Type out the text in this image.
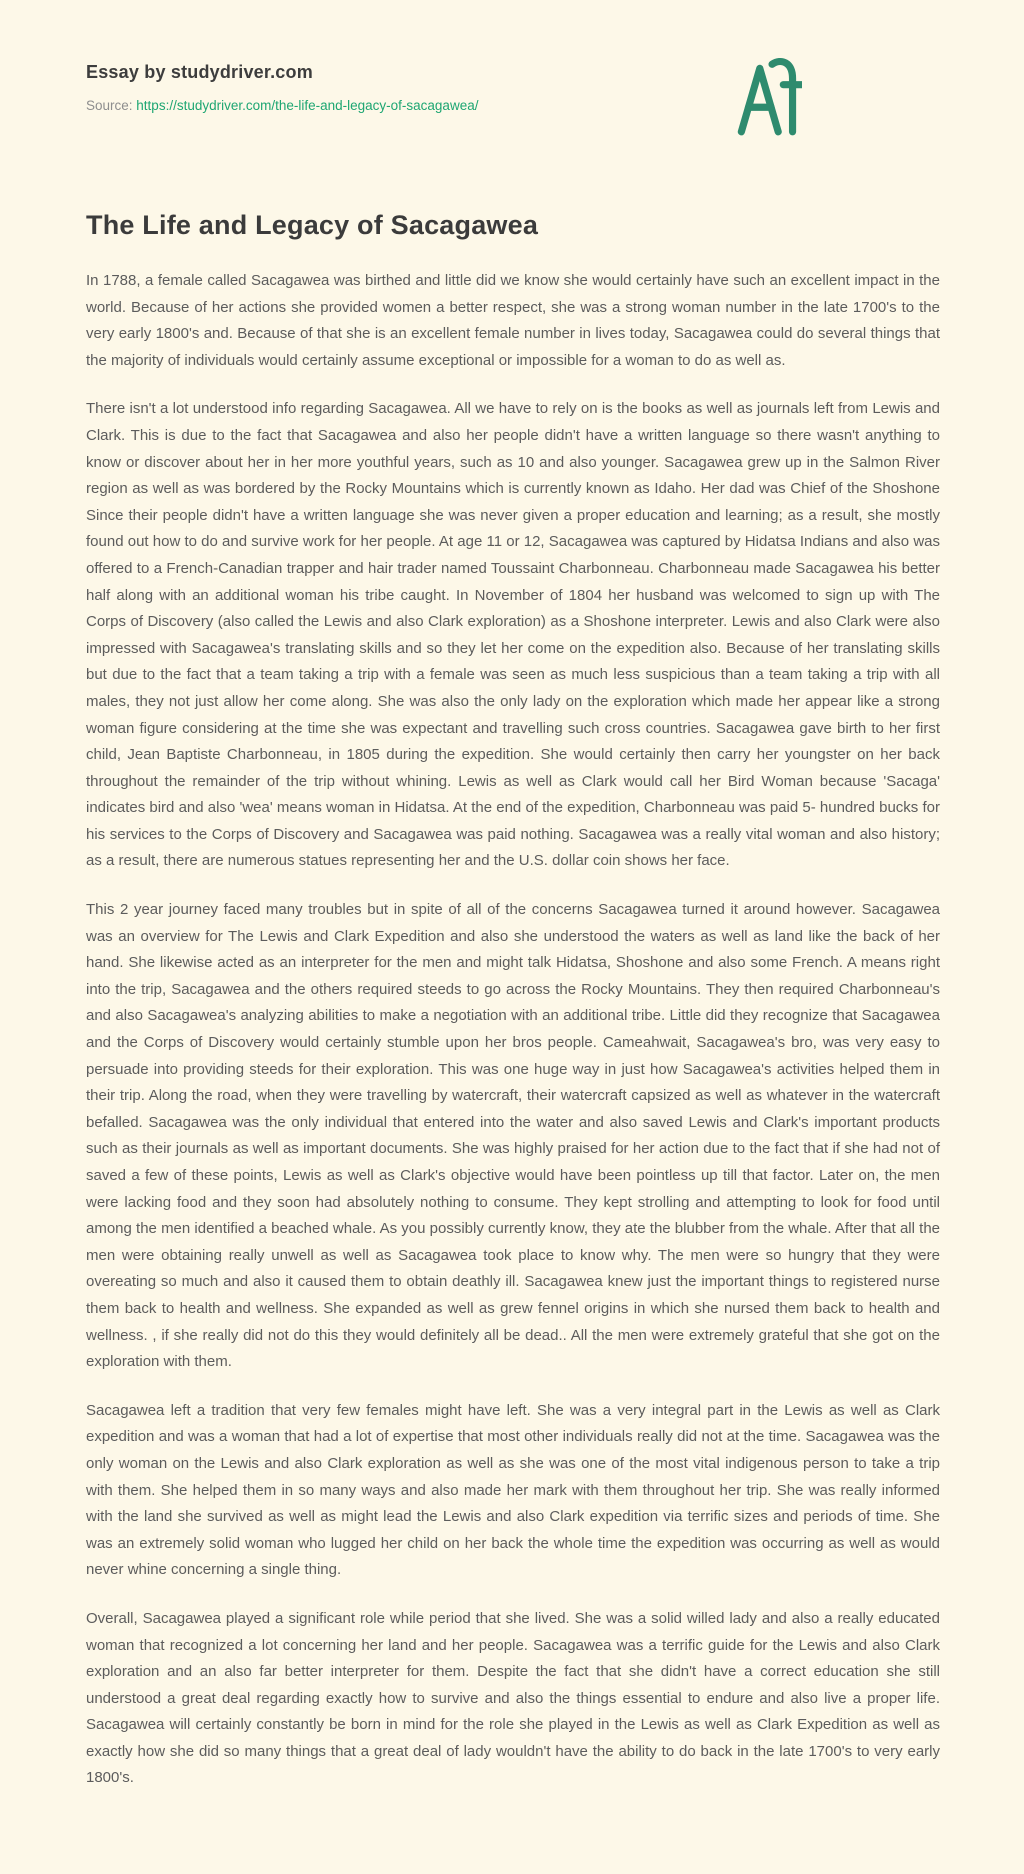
Essay by studydriver.com
Source: https://studydriver.com/the-life-and-legacy-of-sacagawea/
The Life and Legacy of Sacagawea

In 1788, a female called Sacagawea was birthed and little did we know she would certainly have such an excellent impact in the world. Because of her actions she provided women a better respect, she was a strong woman number in the late 1700's to the very early 1800's and. Because of that she is an excellent female number in lives today, Sacagawea could do several things that the majority of individuals would certainly assume exceptional or impossible for a woman to do as well as.

There isn't a lot understood info regarding Sacagawea. All we have to rely on is the books as well as journals left from Lewis and Clark. This is due to the fact that Sacagawea and also her people didn't have a written language so there wasn't anything to know or discover about her in her more youthful years, such as 10 and also younger. Sacagawea grew up in the Salmon River region as well as was bordered by the Rocky Mountains which is currently known as Idaho. Her dad was Chief of the Shoshone Since their people didn't have a written language she was never given a proper education and learning; as a result, she mostly found out how to do and survive work for her people. At age 11 or 12, Sacagawea was captured by Hidatsa Indians and also was offered to a French-Canadian trapper and hair trader named Toussaint Charbonneau. Charbonneau made Sacagawea his better half along with an additional woman his tribe caught. In November of 1804 her husband was welcomed to sign up with The Corps of Discovery (also called the Lewis and also Clark exploration) as a Shoshone interpreter. Lewis and also Clark were also impressed with Sacagawea's translating skills and so they let her come on the expedition also. Because of her translating skills but due to the fact that a team taking a trip with a female was seen as much less suspicious than a team taking a trip with all males, they not just allow her come along. She was also the only lady on the exploration which made her appear like a strong woman figure considering at the time she was expectant and travelling such cross countries. Sacagawea gave birth to her first child, Jean Baptiste Charbonneau, in 1805 during the expedition. She would certainly then carry her youngster on her back throughout the remainder of the trip without whining. Lewis as well as Clark would call her Bird Woman because 'Sacaga' indicates bird and also 'wea' means woman in Hidatsa. At the end of the expedition, Charbonneau was paid 5- hundred bucks for his services to the Corps of Discovery and Sacagawea was paid nothing. Sacagawea was a really vital woman and also history; as a result, there are numerous statues representing her and the U.S. dollar coin shows her face.

This 2 year journey faced many troubles but in spite of all of the concerns Sacagawea turned it around however. Sacagawea was an overview for The Lewis and Clark Expedition and also she understood the waters as well as land like the back of her hand. She likewise acted as an interpreter for the men and might talk Hidatsa, Shoshone and also some French. A means right into the trip, Sacagawea and the others required steeds to go across the Rocky Mountains. They then required Charbonneau's and also Sacagawea's analyzing abilities to make a negotiation with an additional tribe. Little did they recognize that Sacagawea and the Corps of Discovery would certainly stumble upon her bros people. Cameahwait, Sacagawea's bro, was very easy to persuade into providing steeds for their exploration. This was one huge way in just how Sacagawea's activities helped them in their trip. Along the road, when they were travelling by watercraft, their watercraft capsized as well as whatever in the watercraft befalled. Sacagawea was the only individual that entered into the water and also saved Lewis and Clark's important products such as their journals as well as important documents. She was highly praised for her action due to the fact that if she had not of saved a few of these points, Lewis as well as Clark's objective would have been pointless up till that factor. Later on, the men were lacking food and they soon had absolutely nothing to consume. They kept strolling and attempting to look for food until among the men identified a beached whale. As you possibly currently know, they ate the blubber from the whale. After that all the men were obtaining really unwell as well as Sacagawea took place to know why. The men were so hungry that they were overeating so much and also it caused them to obtain deathly ill. Sacagawea knew just the important things to registered nurse them back to health and wellness. She expanded as well as grew fennel origins in which she nursed them back to health and wellness. , if she really did not do this they would definitely all be dead.. All the men were extremely grateful that she got on the exploration with them.

Sacagawea left a tradition that very few females might have left. She was a very integral part in the Lewis as well as Clark expedition and was a woman that had a lot of expertise that most other individuals really did not at the time. Sacagawea was the only woman on the Lewis and also Clark exploration as well as she was one of the most vital indigenous person to take a trip with them. She helped them in so many ways and also made her mark with them throughout her trip. She was really informed with the land she survived as well as might lead the Lewis and also Clark expedition via terrific sizes and periods of time. She was an extremely solid woman who lugged her child on her back the whole time the expedition was occurring as well as would never whine concerning a single thing.

Overall, Sacagawea played a significant role while period that she lived. She was a solid willed lady and also a really educated woman that recognized a lot concerning her land and her people. Sacagawea was a terrific guide for the Lewis and also Clark exploration and an also far better interpreter for them. Despite the fact that she didn't have a correct education she still understood a great deal regarding exactly how to survive and also the things essential to endure and also live a proper life. Sacagawea will certainly constantly be born in mind for the role she played in the Lewis as well as Clark Expedition as well as exactly how she did so many things that a great deal of lady wouldn't have the ability to do back in the late 1700's to very early 1800's.
